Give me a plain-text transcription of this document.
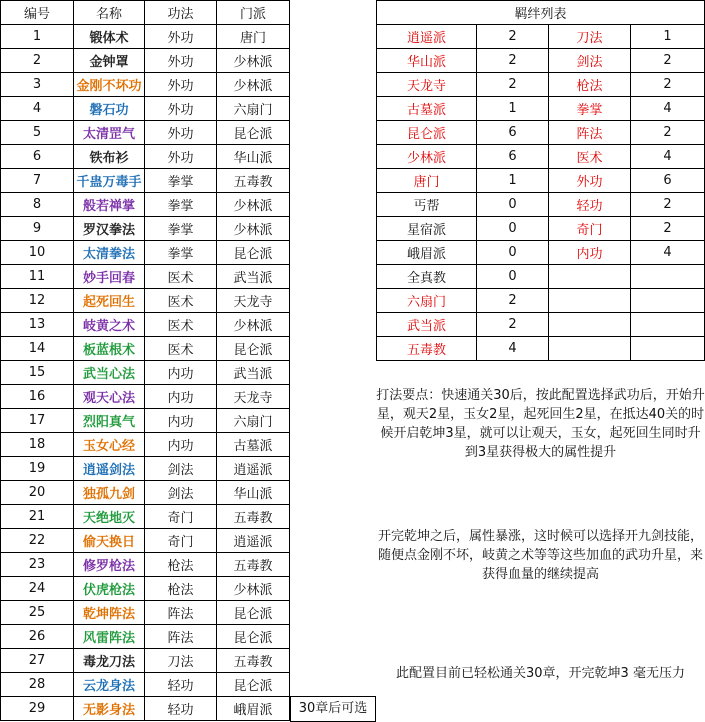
编号	名称	功法	门派
1	锻体术	外功	唐门
2	金钟罩	外功	少林派
3	金刚不坏功	外功	少林派
4	磐石功	外功	六扇门
5	太清罡气	外功	昆仑派
6	铁布衫	外功	华山派
7	千蛊万毒手	拳掌	五毒教
8	般若禅掌	拳掌	少林派
9	罗汉拳法	拳掌	少林派
10	太清拳法	拳掌	昆仑派
11	妙手回春	医术	武当派
12	起死回生	医术	天龙寺
13	岐黄之术	医术	少林派
14	板蓝根术	医术	昆仑派
15	武当心法	内功	武当派
16	观天心法	内功	天龙寺
17	烈阳真气	内功	六扇门
18	玉女心经	内功	古墓派
19	逍遥剑法	剑法	逍遥派
20	独孤九剑	剑法	华山派
21	天绝地灭	奇门	五毒教
22	偷天换日	奇门	逍遥派
23	修罗枪法	枪法	五毒教
24	伏虎枪法	枪法	少林派
25	乾坤阵法	阵法	昆仑派
26	风雷阵法	阵法	昆仑派
27	毒龙刀法	刀法	五毒教
28	云龙身法	轻功	昆仑派
29	无影身法	轻功	峨眉派	30章后可选
羁绊列表			
逍遥派	2	刀法	1
华山派	2	剑法	2
天龙寺	2	枪法	2
古墓派	1	拳掌	4
昆仑派	6	阵法	2
少林派	6	医术	4
唐门	1	外功	6
丐帮	0	轻功	2
星宿派	0	奇门	2
峨眉派	0	内功	4
全真教	0		
六扇门	2		
武当派	2		
五毒教	4		
打法要点：快速通关30后，按此配置选择武功后，开始升星，观天2星，玉女2星，起死回生2星，在抵达40关的时候开启乾坤3星，就可以让观天，玉女，起死回生同时升到3星获得极大的属性提升
开完乾坤之后，属性暴涨，这时候可以选择开九剑技能，随便点金刚不坏，岐黄之术等等这些加血的武功升星，来获得血量的继续提高
此配置目前已轻松通关30章，开完乾坤3 毫无压力
